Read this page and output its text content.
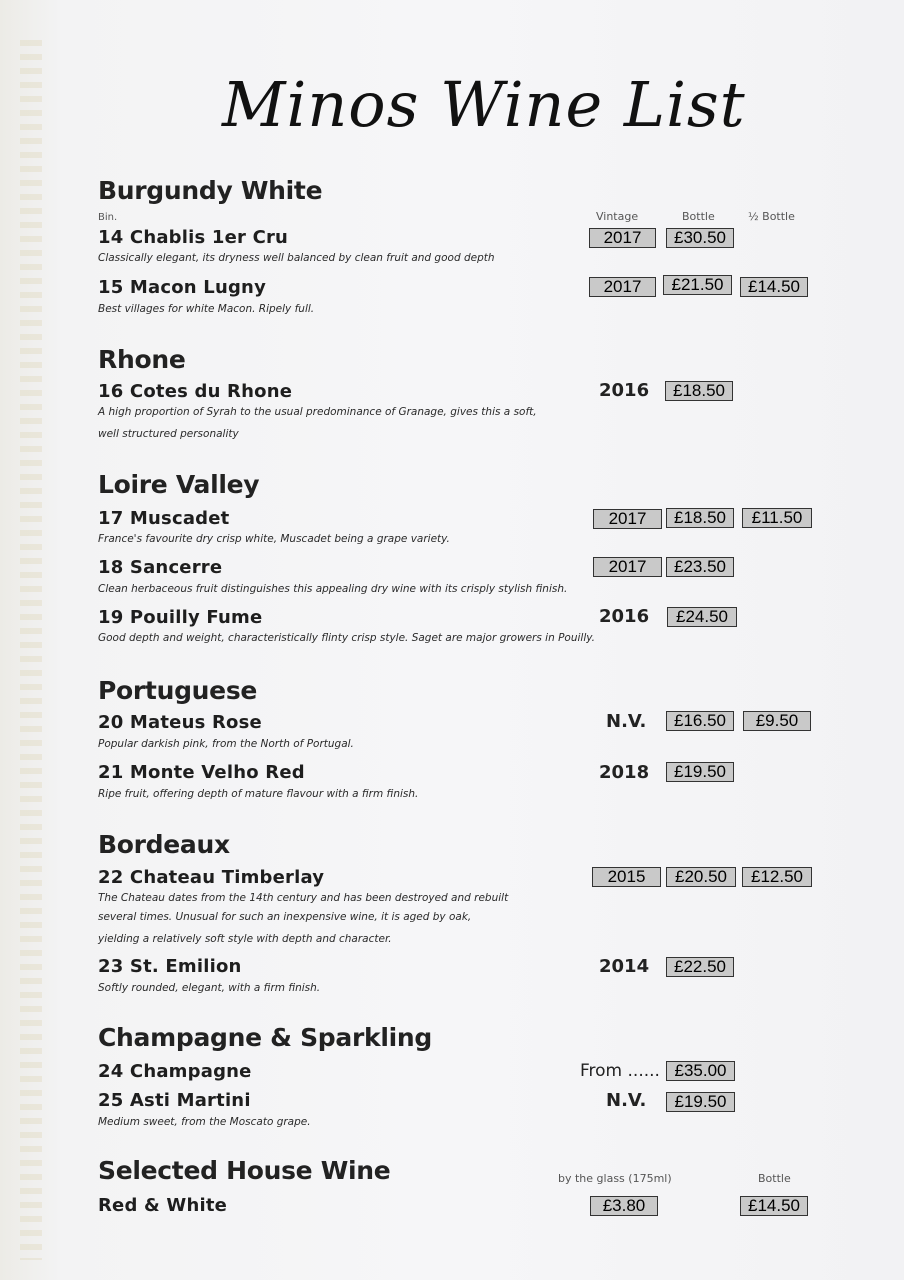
Minos Wine List
Burgundy White
Bin.	Vintage	Bottle	½ Bottle
14 Chablis 1er Cru	2017	£30.50
Classically elegant, its dryness well balanced by clean fruit and good depth
15 Macon Lugny	2017	£21.50	£14.50
Best villages for white Macon. Ripely full.
Rhone
16 Cotes du Rhone	2016	£18.50
A high proportion of Syrah to the usual predominance of Granage, gives this a soft,
well structured personality
Loire Valley
17 Muscadet	2017	£18.50	£11.50
France's favourite dry crisp white, Muscadet being a grape variety.
18 Sancerre	2017	£23.50
Clean herbaceous fruit distinguishes this appealing dry wine with its crisply stylish finish.
19 Pouilly Fume	2016	£24.50
Good depth and weight, characteristically flinty crisp style. Saget are major growers in Pouilly.
Portuguese
20 Mateus Rose	N.V.	£16.50	£9.50
Popular darkish pink, from the North of Portugal.
21 Monte Velho Red	2018	£19.50
Ripe fruit, offering depth of mature flavour with a firm finish.
Bordeaux
22 Chateau Timberlay	2015	£20.50	£12.50
The Chateau dates from the 14th century and has been destroyed and rebuilt
several times. Unusual for such an inexpensive wine, it is aged by oak,
yielding a relatively soft style with depth and character.
23 St. Emilion	2014	£22.50
Softly rounded, elegant, with a firm finish.
Champagne & Sparkling
24 Champagne	From ...... £35.00
25 Asti Martini	N.V.	£19.50
Medium sweet, from the Moscato grape.
Selected House Wine	by the glass (175ml)	Bottle
Red & White	£3.80	£14.50
